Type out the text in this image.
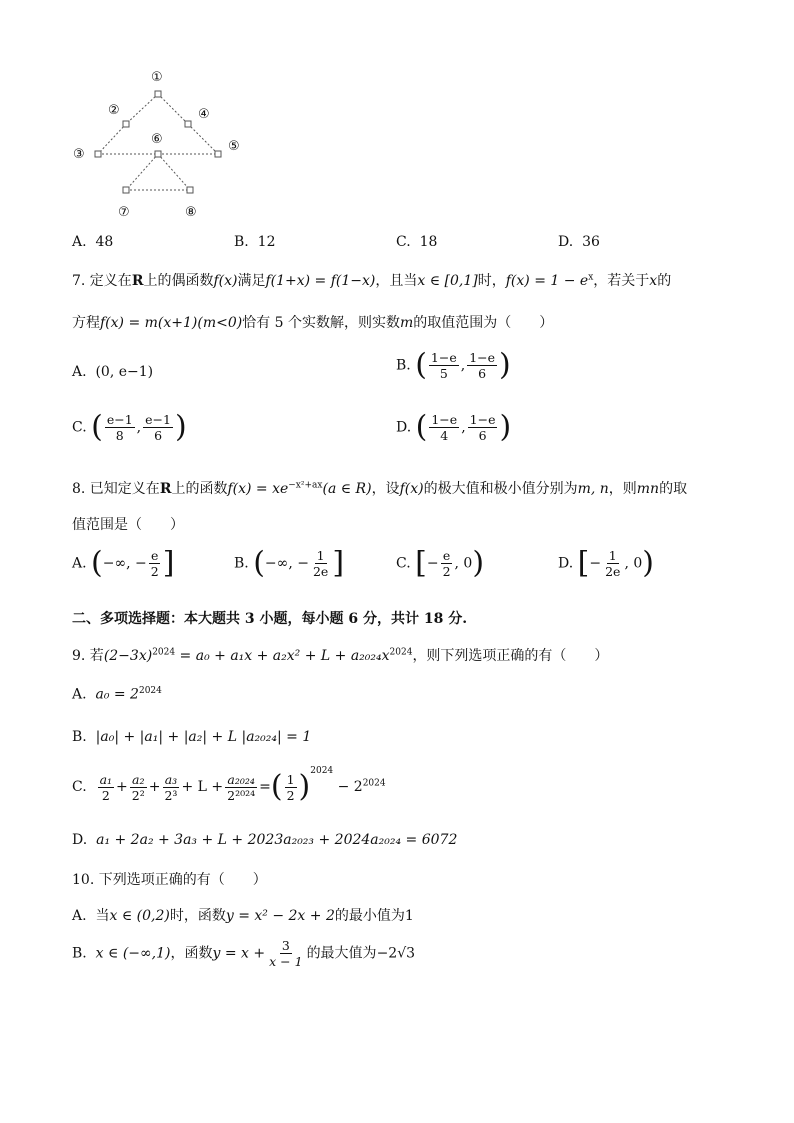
①
②
③
④
⑤
⑥
⑦	⑧
A. 48	B. 12	C. 18	D. 36
7. 定义在R上的偶函数f(x)满足f(1+x) = f(1−x)，且当x ∈ [0,1]时，$f(x) = 1 - e^x$，若关于x的
方程f(x) = m(x+1)(m<0)恰有 5 个实数解，则实数m的取值范围为（　　）
A. (0, e−1)	B. ( $\frac{1-e}{5}$ , $\frac{1-e}{6}$ )
C. ( $\frac{e-1}{8}$ , $\frac{e-1}{6}$ )	D. ( $\frac{1-e}{4}$ , $\frac{1-e}{6}$ )
8. 已知定义在R上的函数$f(x) = xe^{-x^2+ax}(a$ ∈ R)，设f(x)的极大值和极小值分别为m, n，则mn的取
值范围是（　　）
A. (−∞, − $\frac{e}{2}$ ]	B. (−∞, − $\frac{1}{2e}$ ]	C. [− $\frac{e}{2}$ , 0)	D. [− $\frac{1}{2e}$ , 0)
二、多项选择题：本大题共 3 小题，每小题 6 分，共计 18 分.
9. 若$(2-3x)^{2024} = a_0 + a_1x + a_2x^2 + L + a_{2024}x^{2024}$，则下列选项正确的有（　　）
A. $a_0 = 2^{2024}$
B. |a₀| + |a₁| + |a₂| + L |a₂₀₂₄| = 1
C. $\frac{\text{a₁}}{2} + \frac{\text{a₂}}{\text{2²}} + \frac{\text{a₃}}{\text{2³}} + L + \frac{\text{a₂₀₂₄}}{\text{2²⁰²⁴}}$ =( $\frac{1}{2} )^{2024} - 2^{2024}$
D. a₁ + 2a₂ + 3a₃ + L + 2023a₂₀₂₃ + 2024a₂₀₂₄ = 6072
10. 下列选项正确的有（　　）
A. 当x ∈ (0,2)时，函数y = x² − 2x + 2的最小值为1
B. x ∈ (−∞,1)，函数$y = x + \frac{3}{x - 1}$ 的最大值为−2√3
